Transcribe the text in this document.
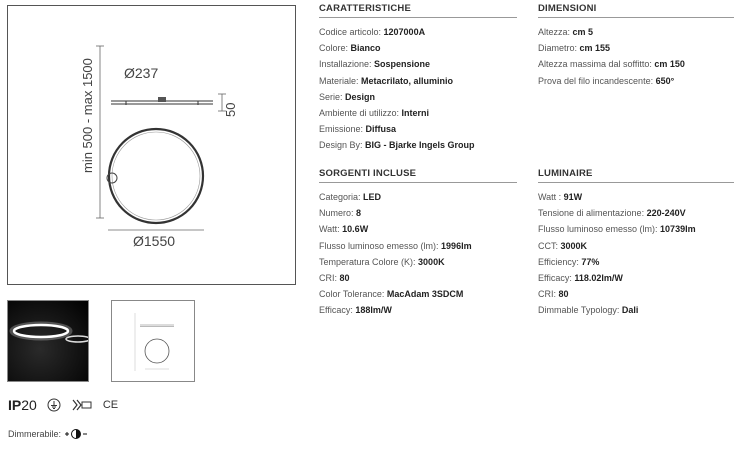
min 500 - max 1500 Ø237
50
Ø1550
CARATTERISTICHE
Codice articolo: 1207000A
Colore: Bianco
Installazione: Sospensione
Materiale: Metacrilato, alluminio
Serie: Design
Ambiente di utilizzo: Interni
Emissione: Diffusa
Design By: BIG - Bjarke Ingels Group
DIMENSIONI
Altezza: cm 5
Diametro: cm 155
Altezza massima dal soffitto: cm 150
Prova del filo incandescente: 650°
SORGENTI INCLUSE
Categoria: LED
Numero: 8
Watt: 10.6W
Flusso luminoso emesso (lm): 1996lm
Temperatura Colore (K): 3000K
CRI: 80
Color Tolerance: MacAdam 3SDCM
Efficacy: 188lm/W
LUMINAIRE
Watt : 91W
Tensione di alimentazione: 220-240V
Flusso luminoso emesso (lm): 10739lm
CCT: 3000K
Efficiency: 77%
Efficacy: 118.02lm/W
CRI: 80
Dimmable Typology: Dali
IP20	CE
Dimmerabile:
